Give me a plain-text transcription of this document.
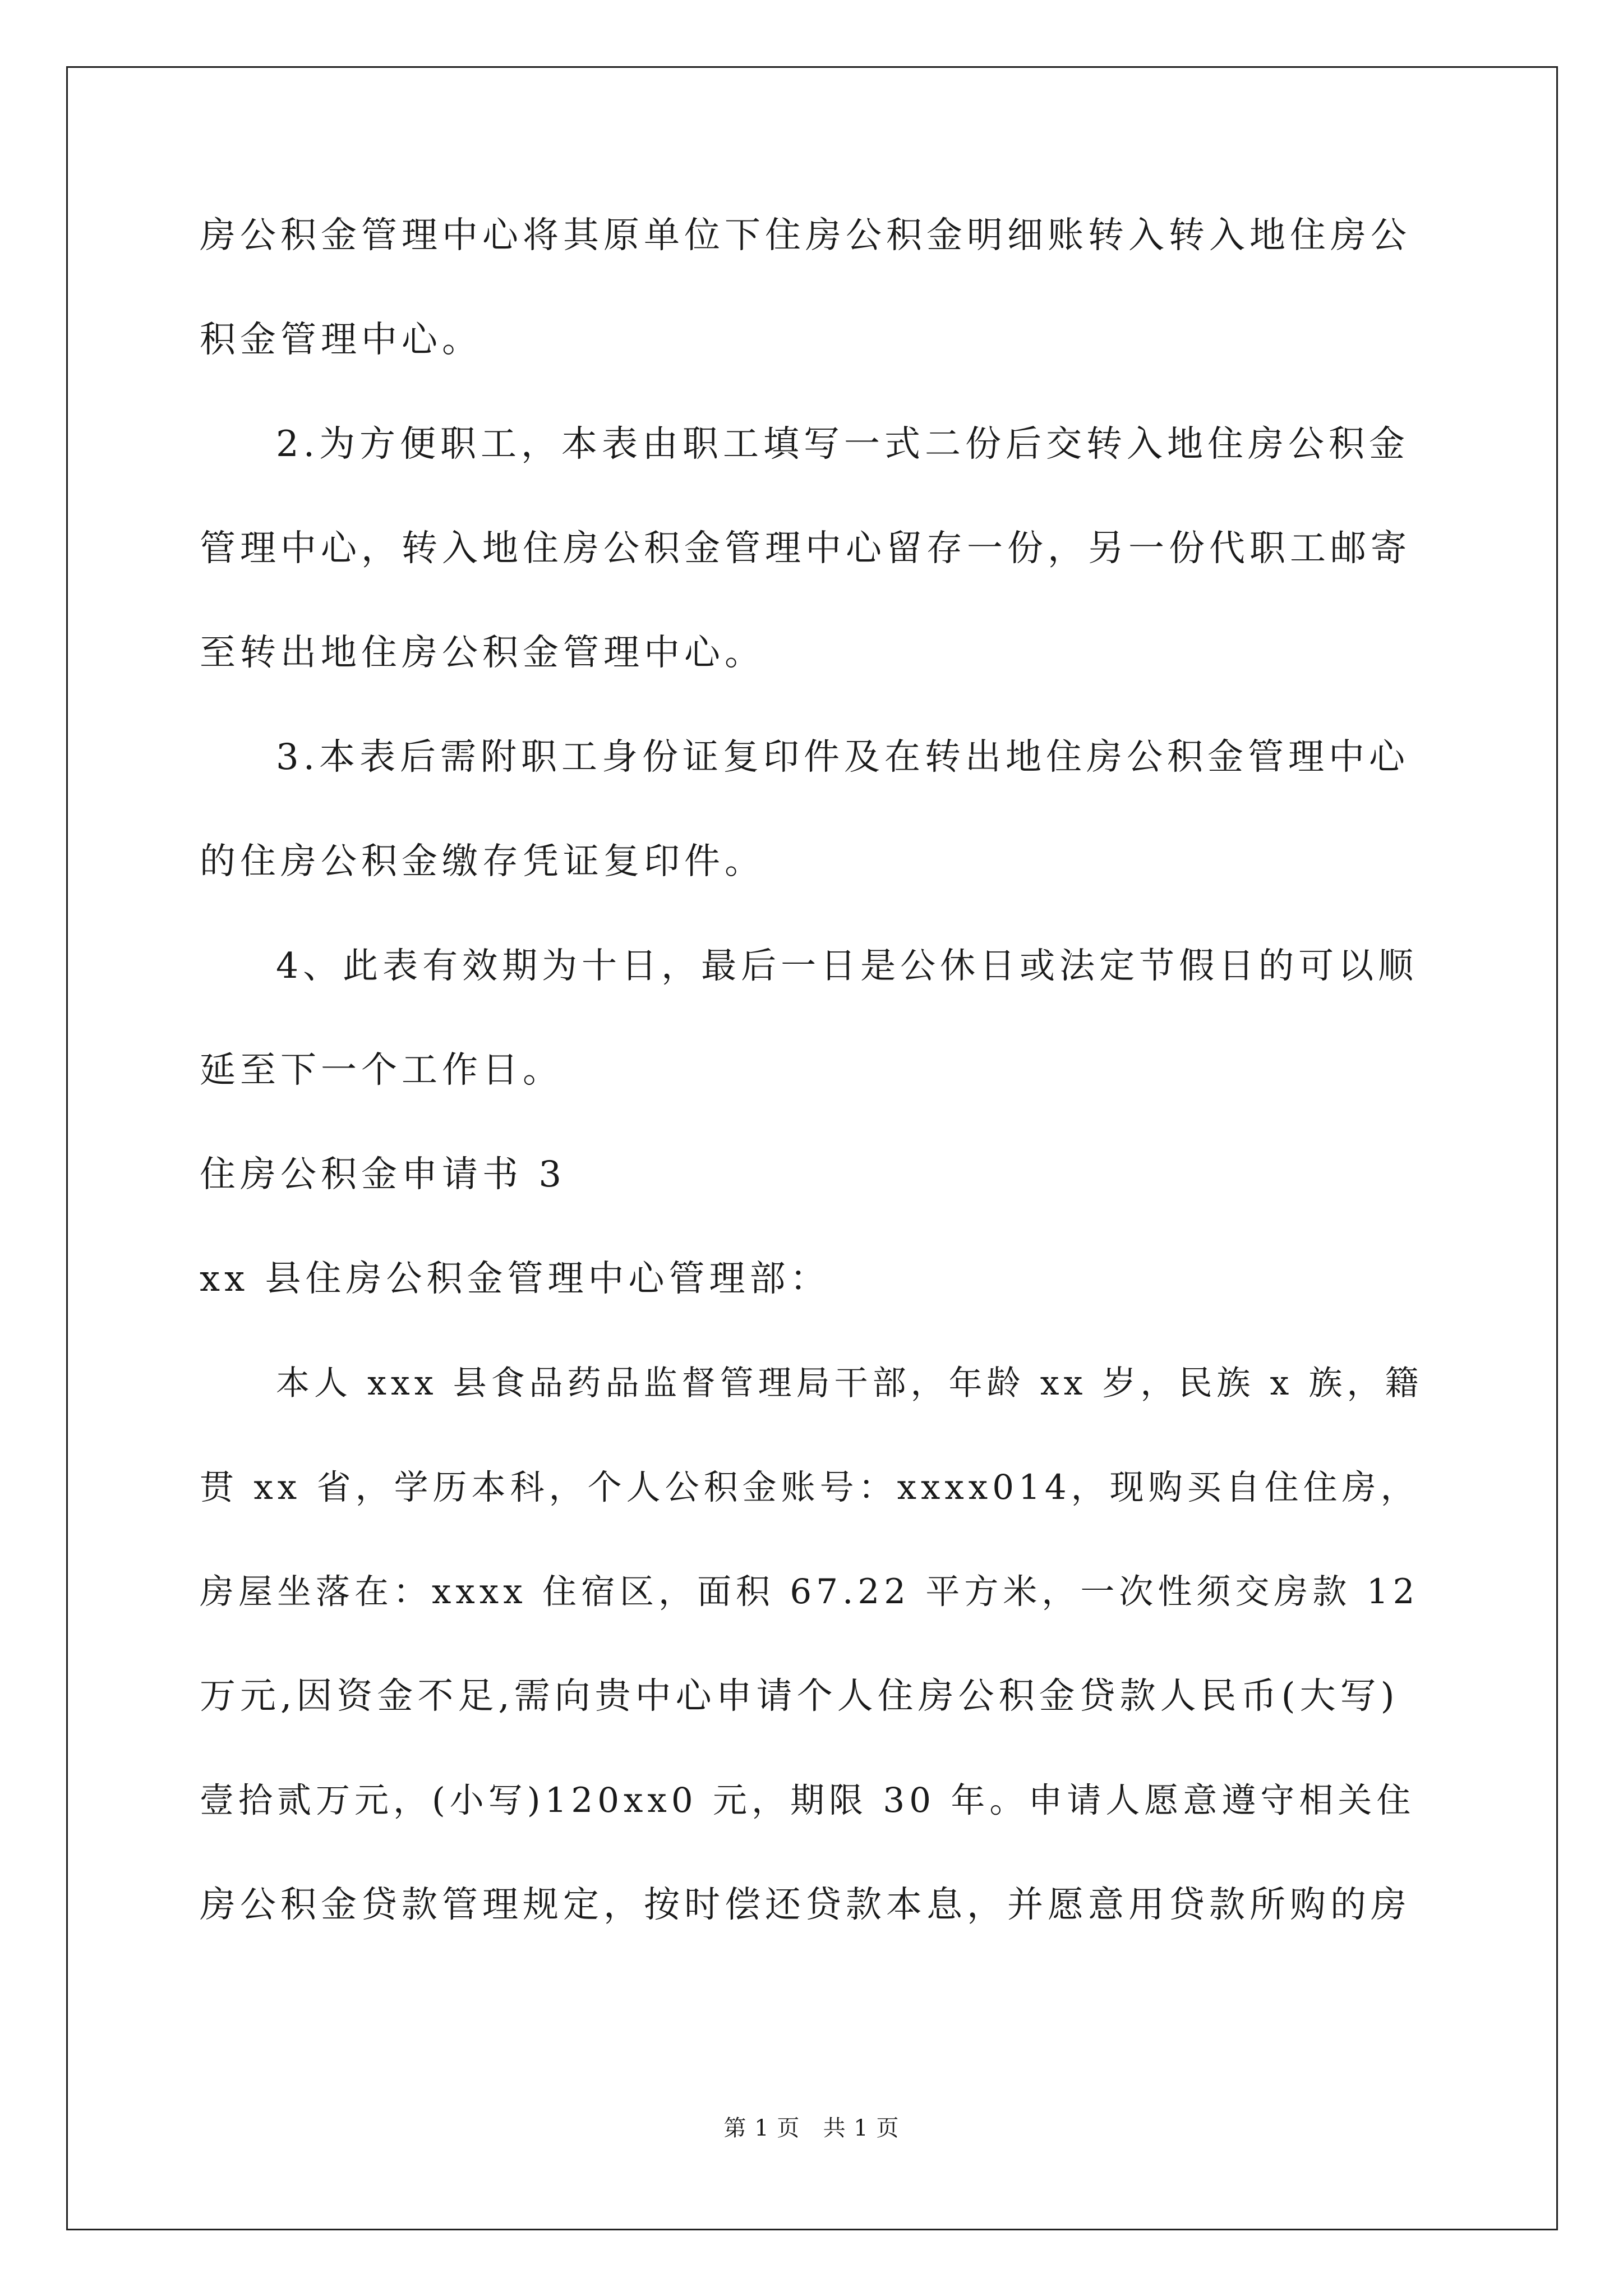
房公积金管理中心将其原单位下住房公积金明细账转入转入地住房公
积金管理中心。
2.为方便职工，本表由职工填写一式二份后交转入地住房公积金
管理中心，转入地住房公积金管理中心留存一份，另一份代职工邮寄
至转出地住房公积金管理中心。
3.本表后需附职工身份证复印件及在转出地住房公积金管理中心
的住房公积金缴存凭证复印件。
4、此表有效期为十日，最后一日是公休日或法定节假日的可以顺
延至下一个工作日。
住房公积金申请书 3
xx 县住房公积金管理中心管理部：
本人 xxx 县食品药品监督管理局干部，年龄 xx 岁，民族 x 族，籍
贯 xx 省，学历本科，个人公积金账号：xxxx014，现购买自住住房，
房屋坐落在：xxxx 住宿区，面积 67.22 平方米，一次性须交房款 12
万元,因资金不足,需向贵中心申请个人住房公积金贷款人民币(大写)
壹拾贰万元，(小写)120xx0 元，期限 30 年。申请人愿意遵守相关住
房公积金贷款管理规定，按时偿还贷款本息，并愿意用贷款所购的房
第 1 页   共 1 页
